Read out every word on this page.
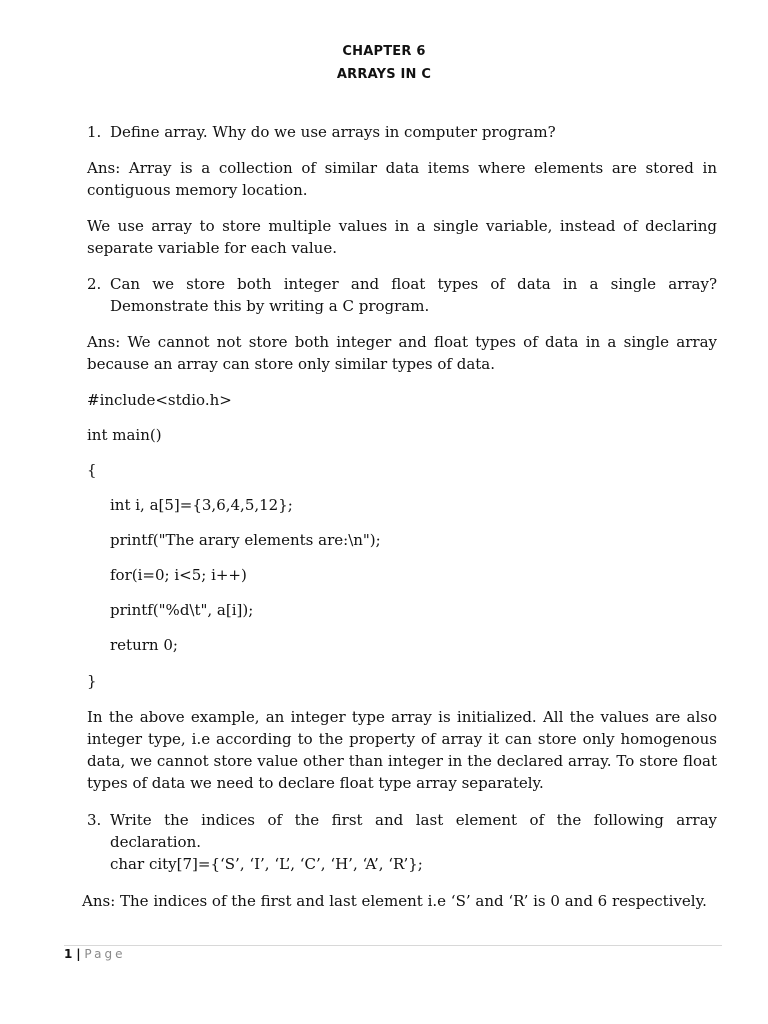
CHAPTER 6
ARRAYS IN C
1. Define array. Why do we use arrays in computer program?
Ans: Array is a collection of similar data items where elements are stored in
contiguous memory location.
We use array to store multiple values in a single variable, instead of declaring
separate variable for each value.
2. Can we store both integer and float types of data in a single array?
Demonstrate this by writing a C program.
Ans: We cannot not store both integer and float types of data in a single array
because an array can store only similar types of data.
#include<stdio.h>
int main()
{
int i, a[5]={3,6,4,5,12};
printf("The arary elements are:\n");
for(i=0; i<5; i++)
printf("%d\t", a[i]);
return 0;
}
In the above example, an integer type array is initialized. All the values are also
integer type, i.e according to the property of array it can store only homogenous
data, we cannot store value other than integer in the declared array. To store float
types of data we need to declare float type array separately.
3. Write the indices of the first and last element of the following array
declaration.
char city[7]={‘S’, ‘I’, ‘L’, ‘C’, ‘H’, ‘A’, ‘R’};
Ans: The indices of the first and last element i.e ‘S’ and ‘R’ is 0 and 6 respectively.
1 | Page
